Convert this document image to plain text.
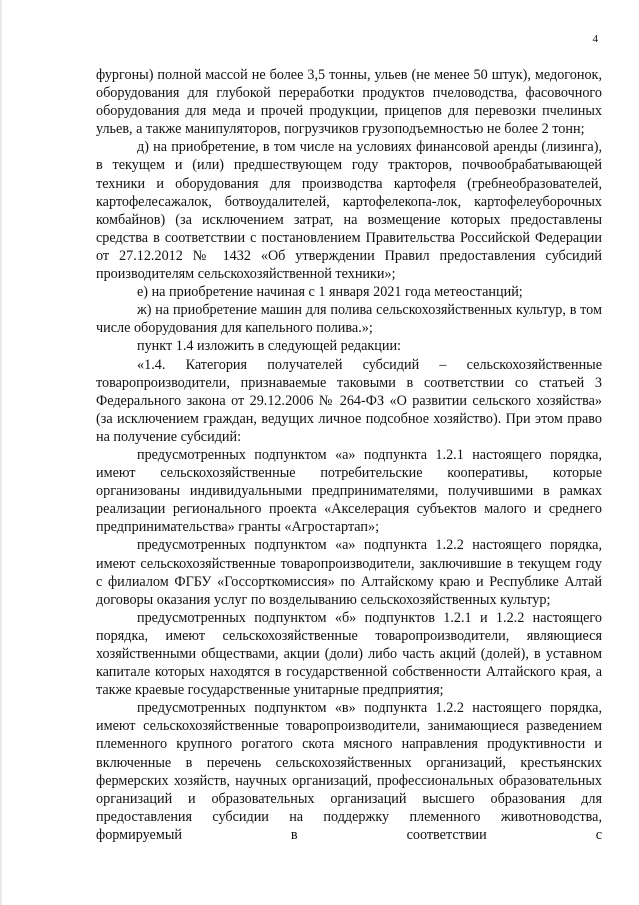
4

фургоны) полной массой не более 3,5 тонны, ульев (не менее 50 штук), медогонок, оборудования для глубокой переработки продуктов пчеловодства, фасовочного оборудования для меда и прочей продукции, прицепов для перевозки пчелиных ульев, а также манипуляторов, погрузчиков грузоподъемностью не более 2 тонн;

д) на приобретение, в том числе на условиях финансовой аренды (лизинга), в текущем и (или) предшествующем году тракторов, почвообрабатывающей техники и оборудования для производства картофеля (гребнеобразователей, картофелесажалок, ботвоудалителей, картофелекопа-лок, картофелеуборочных комбайнов) (за исключением затрат, на возмещение которых предоставлены средства в соответствии с постановлением Правительства Российской Федерации от 27.12.2012 № 1432 «Об утверждении Правил предоставления субсидий производителям сельскохозяйственной техники»;

е) на приобретение начиная с 1 января 2021 года метеостанций;

ж) на приобретение машин для полива сельскохозяйственных культур, в том числе оборудования для капельного полива.»;

пункт 1.4 изложить в следующей редакции:

«1.4. Категория получателей субсидий – сельскохозяйственные товаропроизводители, признаваемые таковыми в соответствии со статьей 3 Федерального закона от 29.12.2006 № 264-ФЗ «О развитии сельского хозяйства» (за исключением граждан, ведущих личное подсобное хозяйство). При этом право на получение субсидий:

предусмотренных подпунктом «а» подпункта 1.2.1 настоящего порядка, имеют сельскохозяйственные потребительские кооперативы, которые организованы индивидуальными предпринимателями, получившими в рамках реализации регионального проекта «Акселерация субъектов малого и среднего предпринимательства» гранты «Агростартап»;

предусмотренных подпунктом «а» подпункта 1.2.2 настоящего порядка, имеют сельскохозяйственные товаропроизводители, заключившие в текущем году с филиалом ФГБУ «Госсорткомиссия» по Алтайскому краю и Республике Алтай договоры оказания услуг по возделыванию сельскохозяйственных культур;

предусмотренных подпунктом «б» подпунктов 1.2.1 и 1.2.2 настоящего порядка, имеют сельскохозяйственные товаропроизводители, являющиеся хозяйственными обществами, акции (доли) либо часть акций (долей), в уставном капитале которых находятся в государственной собственности Алтайского края, а также краевые государственные унитарные предприятия;

предусмотренных подпунктом «в» подпункта 1.2.2 настоящего порядка, имеют сельскохозяйственные товаропроизводители, занимающиеся разведением племенного крупного рогатого скота мясного направления продуктивности и включенные в перечень сельскохозяйственных организаций, крестьянских фермерских хозяйств, научных организаций, профессиональных образовательных организаций и образовательных организаций высшего образования для предоставления субсидии на поддержку племенного животноводства, формируемый в соответствии с
